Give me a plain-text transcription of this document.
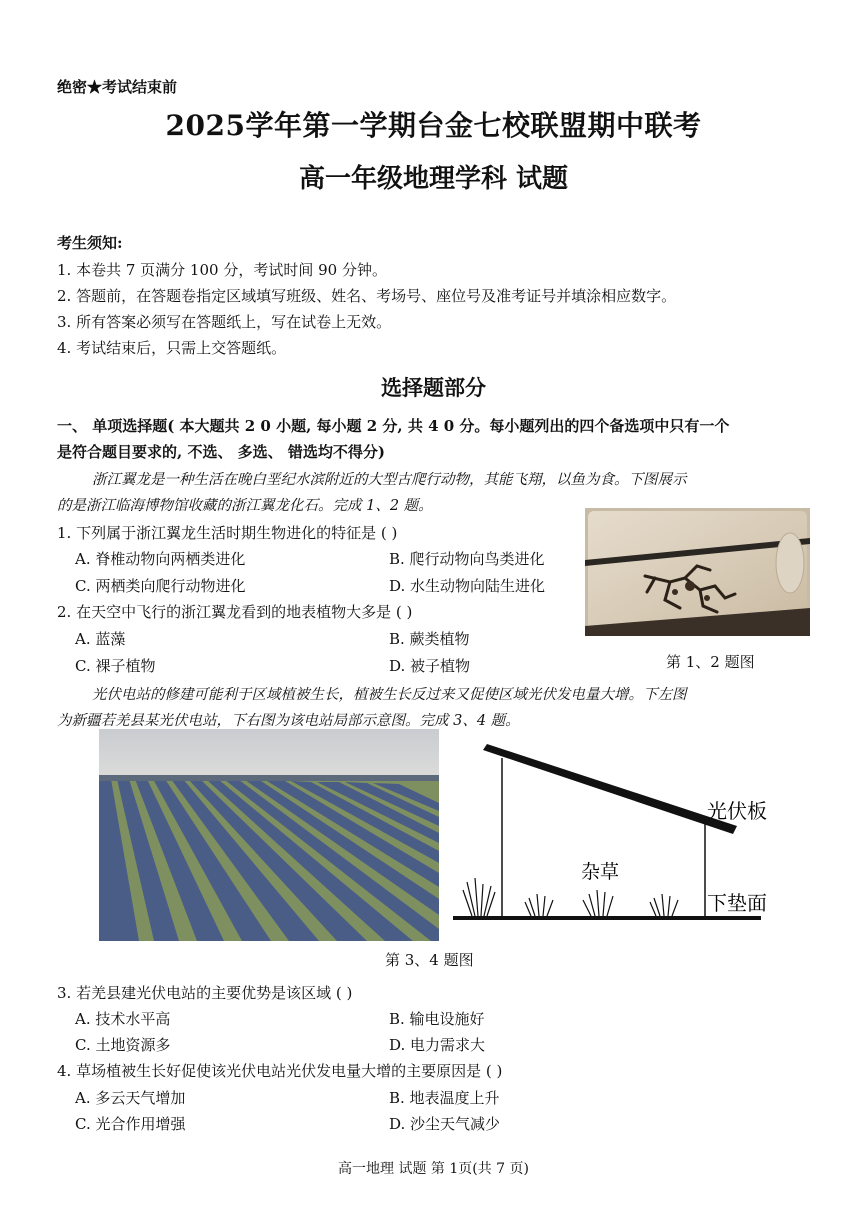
绝密★考试结束前
2025学年第一学期台金七校联盟期中联考
高一年级地理学科 试题
考生须知:
1. 本卷共 7 页满分 100 分，考试时间 90 分钟。
2. 答题前，在答题卷指定区域填写班级、姓名、考场号、座位号及准考证号并填涂相应数字。
3. 所有答案必须写在答题纸上，写在试卷上无效。
4. 考试结束后，只需上交答题纸。
选择题部分
一、 单项选择题( 本大题共 2 0 小题, 每小题 2 分, 共 4 0 分。每小题列出的四个备选项中只有一个
是符合题目要求的, 不选、 多选、 错选均不得分)
浙江翼龙是一种生活在晚白垩纪水滨附近的大型古爬行动物，其能飞翔，以鱼为食。下图展示
的是浙江临海博物馆收藏的浙江翼龙化石。完成 1、2 题。
1. 下列属于浙江翼龙生活时期生物进化的特征是 ( )
A. 脊椎动物向两栖类进化	B. 爬行动物向鸟类进化
C. 两栖类向爬行动物进化	D. 水生动物向陆生进化
2. 在天空中飞行的浙江翼龙看到的地表植物大多是 ( )
A. 蓝藻	B. 蕨类植物
C. 裸子植物	D. 被子植物	第 1、2 题图
光伏电站的修建可能利于区域植被生长，植被生长反过来又促使区域光伏发电量大增。下左图
为新疆若羌县某光伏电站，下右图为该电站局部示意图。完成 3、4 题。
光伏板
杂草
下垫面
第 3、4 题图
3. 若羌县建光伏电站的主要优势是该区域 ( )
A. 技术水平高	B. 输电设施好
C. 土地资源多	D. 电力需求大
4. 草场植被生长好促使该光伏电站光伏发电量大增的主要原因是 ( )
A. 多云天气增加	B. 地表温度上升
C. 光合作用增强	D. 沙尘天气减少
高一地理 试题 第 1页(共 7 页)
